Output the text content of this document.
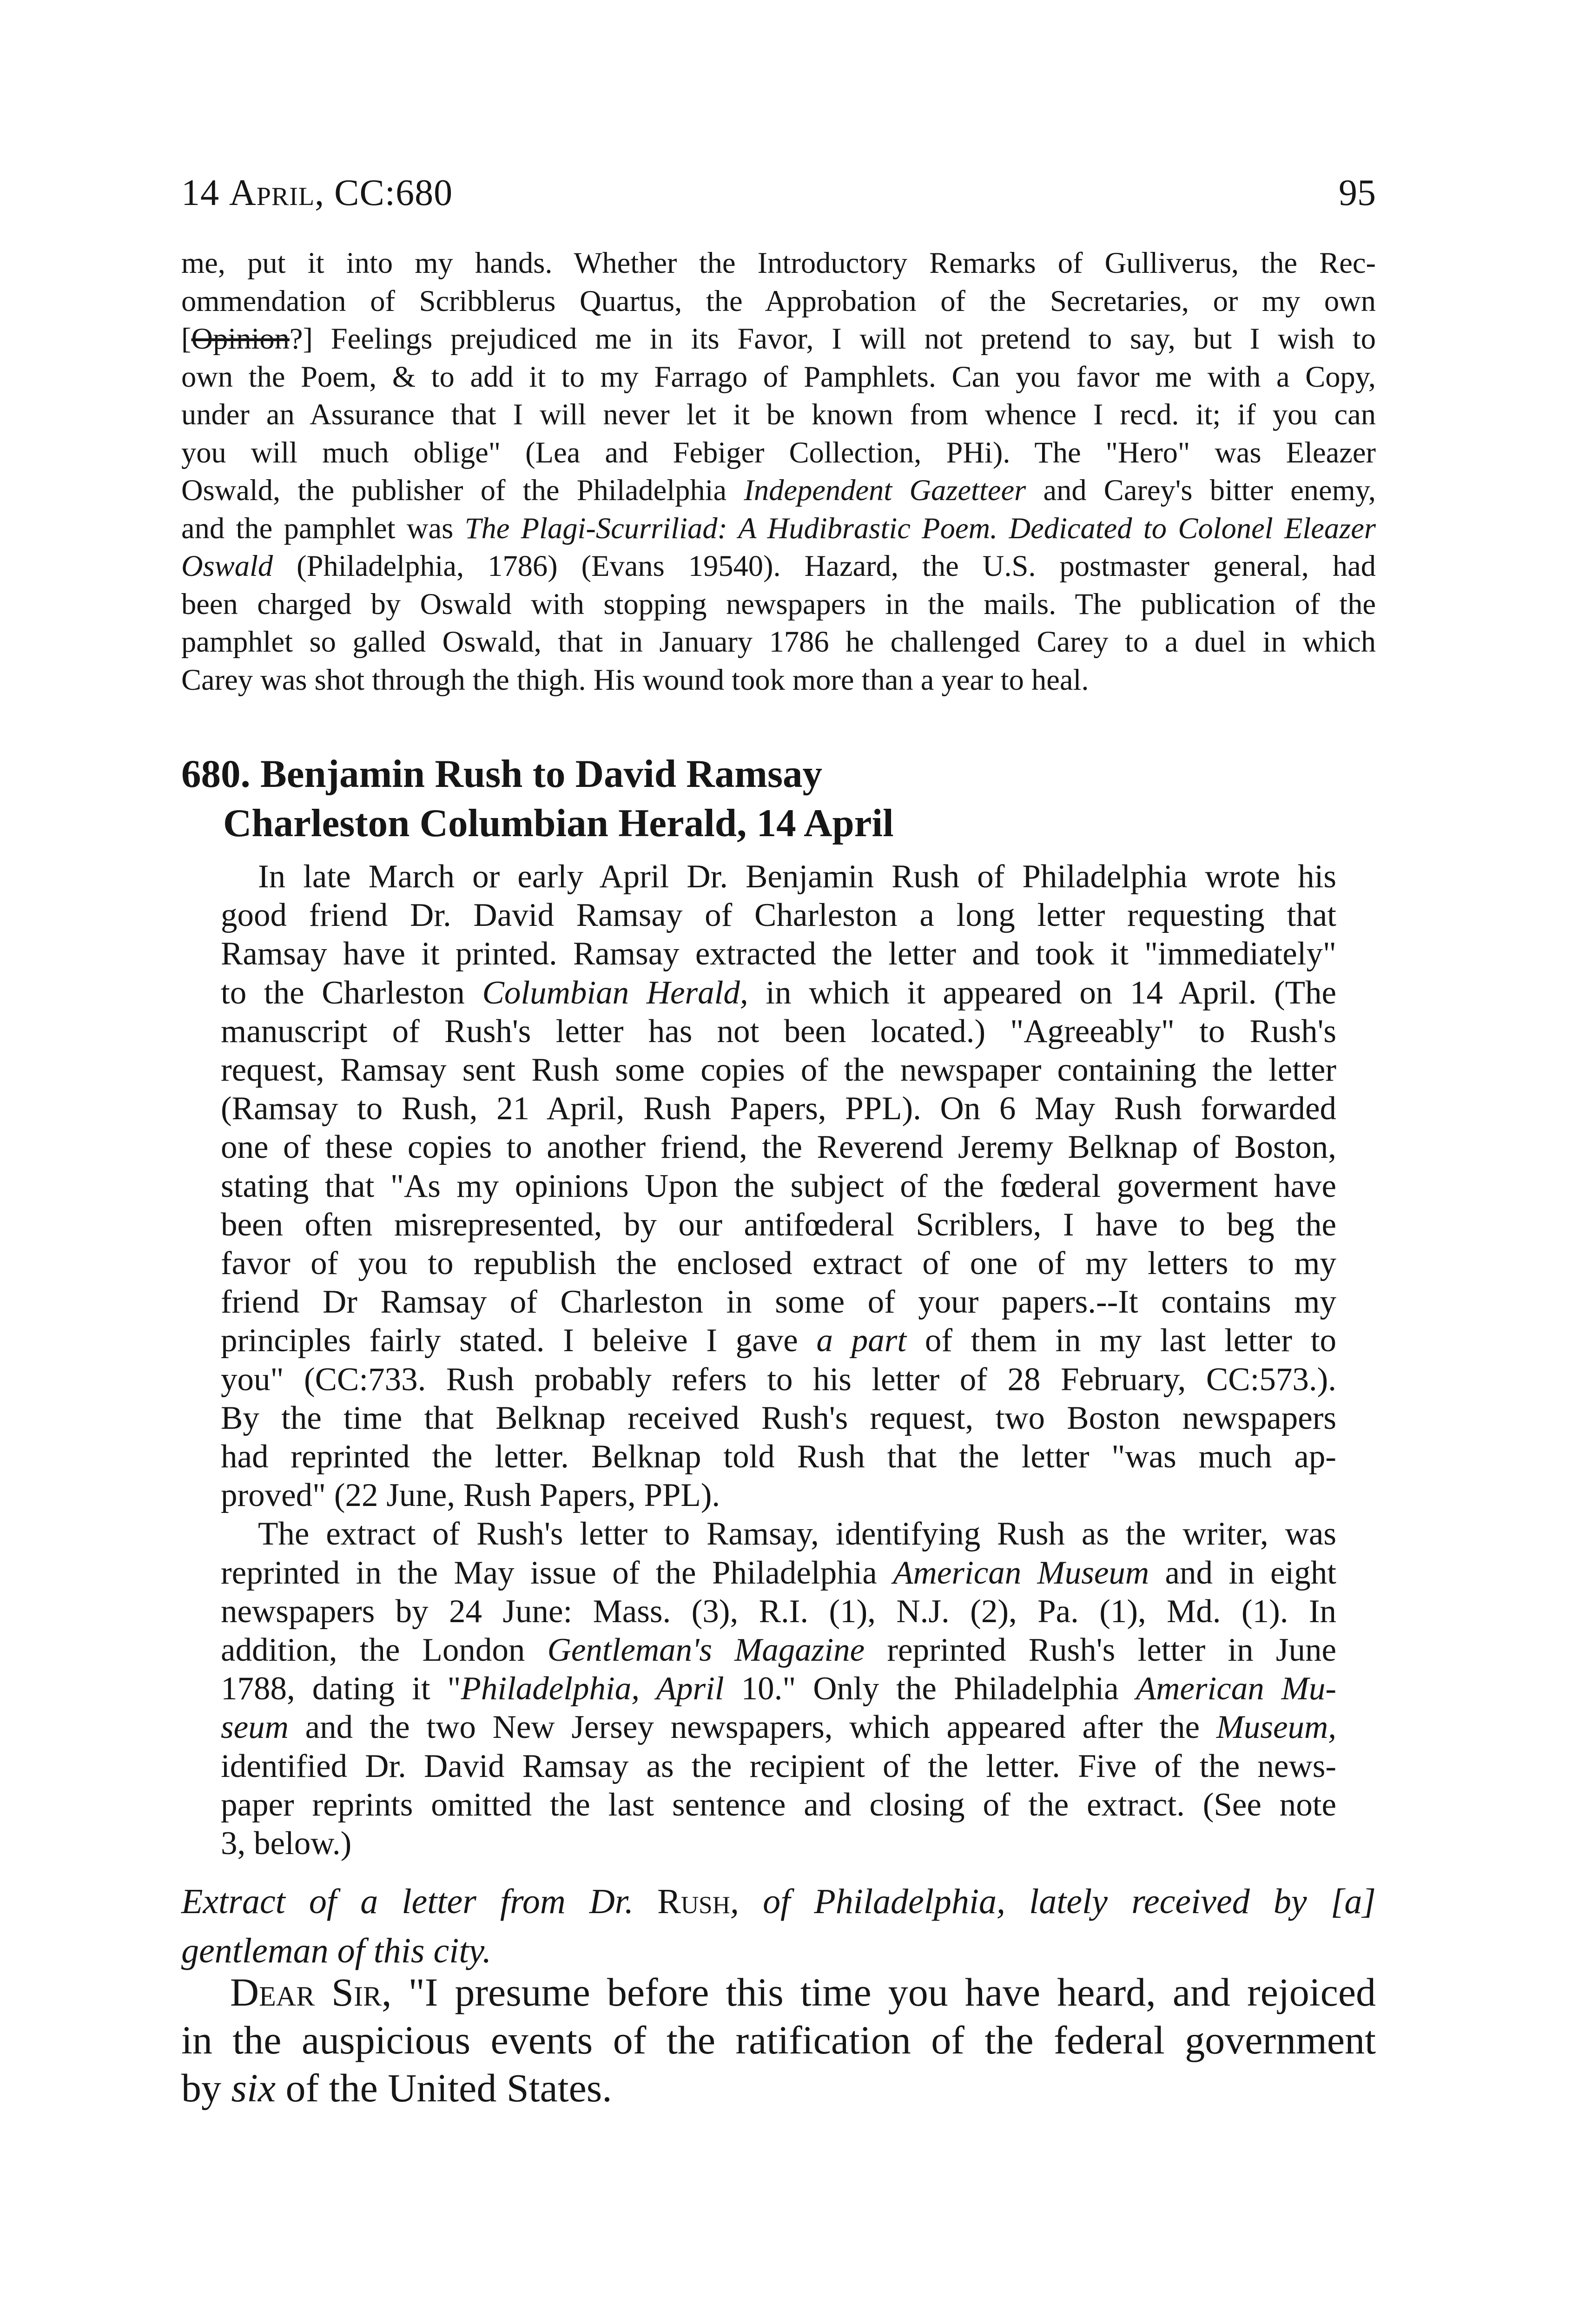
14 April, CC:680	95
me, put it into my hands. Whether the Introductory Remarks of Gulliverus, the Rec-
ommendation of Scribblerus Quartus, the Approbation of the Secretaries, or my own
[Opinion?] Feelings prejudiced me in its Favor, I will not pretend to say, but I wish to
own the Poem, & to add it to my Farrago of Pamphlets. Can you favor me with a Copy,
under an Assurance that I will never let it be known from whence I recd. it; if you can
you will much oblige" (Lea and Febiger Collection, PHi). The "Hero" was Eleazer
Oswald, the publisher of the Philadelphia Independent Gazetteer and Carey's bitter enemy,
and the pamphlet was The Plagi-Scurriliad: A Hudibrastic Poem. Dedicated to Colonel Eleazer
Oswald (Philadelphia, 1786) (Evans 19540). Hazard, the U.S. postmaster general, had
been charged by Oswald with stopping newspapers in the mails. The publication of the
pamphlet so galled Oswald, that in January 1786 he challenged Carey to a duel in which
Carey was shot through the thigh. His wound took more than a year to heal.
680. Benjamin Rush to David Ramsay
Charleston Columbian Herald, 14 April
In late March or early April Dr. Benjamin Rush of Philadelphia wrote his
good friend Dr. David Ramsay of Charleston a long letter requesting that
Ramsay have it printed. Ramsay extracted the letter and took it "immediately"
to the Charleston Columbian Herald, in which it appeared on 14 April. (The
manuscript of Rush's letter has not been located.) "Agreeably" to Rush's
request, Ramsay sent Rush some copies of the newspaper containing the letter
(Ramsay to Rush, 21 April, Rush Papers, PPL). On 6 May Rush forwarded
one of these copies to another friend, the Reverend Jeremy Belknap of Boston,
stating that "As my opinions Upon the subject of the fœderal goverment have
been often misrepresented, by our antifœderal Scriblers, I have to beg the
favor of you to republish the enclosed extract of one of my letters to my
friend Dr Ramsay of Charleston in some of your papers.--It contains my
principles fairly stated. I beleive I gave a part of them in my last letter to
you" (CC:733. Rush probably refers to his letter of 28 February, CC:573.).
By the time that Belknap received Rush's request, two Boston newspapers
had reprinted the letter. Belknap told Rush that the letter "was much ap-
proved" (22 June, Rush Papers, PPL).
The extract of Rush's letter to Ramsay, identifying Rush as the writer, was
reprinted in the May issue of the Philadelphia American Museum and in eight
newspapers by 24 June: Mass. (3), R.I. (1), N.J. (2), Pa. (1), Md. (1). In
addition, the London Gentleman's Magazine reprinted Rush's letter in June
1788, dating it "Philadelphia, April 10." Only the Philadelphia American Mu-
seum and the two New Jersey newspapers, which appeared after the Museum,
identified Dr. David Ramsay as the recipient of the letter. Five of the news-
paper reprints omitted the last sentence and closing of the extract. (See note
3, below.)
Extract of a letter from Dr. Rush, of Philadelphia, lately received by [a]
gentleman of this city.
Dear Sir, "I presume before this time you have heard, and rejoiced
in the auspicious events of the ratification of the federal government
by six of the United States.
